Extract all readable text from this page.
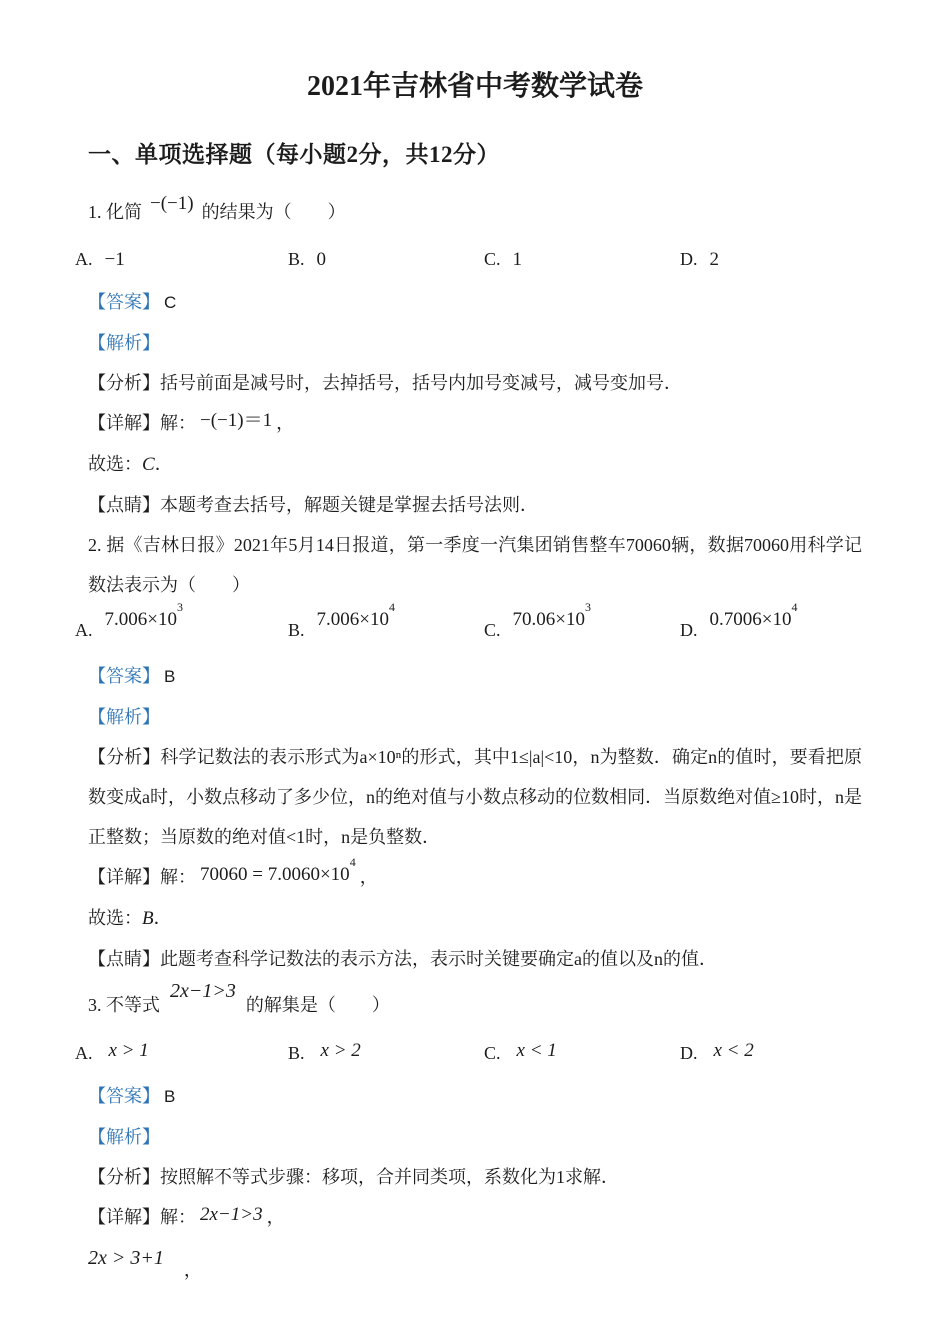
2021年吉林省中考数学试卷
一、单项选择题（每小题2分，共12分）
1. 化简 −(−1) 的结果为（　　）
A. −1	B. 0	C. 1	D. 2
【答案】 C
【解析】
【分析】括号前面是减号时，去掉括号，括号内加号变减号，减号变加号．
【详解】解： −(−1)＝1 ，
故选：C．
【点睛】本题考查去括号，解题关键是掌握去括号法则．
2. 据《吉林日报》2021年5月14日报道，第一季度一汽集团销售整车70060辆，数据70060用科学记数法表示为（　　）
A. $7.006\times 10^3$
B. $7.006\times 10^4$
C. $70.06\times 10^3$
D. $0.7006\times 10^4$
【答案】 B
【解析】
【分析】科学记数法的表示形式为a×10ⁿ的形式，其中1≤|a|<10，n为整数．确定n的值时，要看把原数变成a时，小数点移动了多少位，n的绝对值与小数点移动的位数相同．当原数绝对值≥10时，n是正整数；当原数的绝对值<1时，n是负整数．
【详解】解： $70060 = 7.0060\times 10^4$，
故选：B．
【点睛】此题考查科学记数法的表示方法，表示时关键要确定a的值以及n的值．
3. 不等式2x−1>3的解集是（　　）
A. x > 1	B. x > 2	C. x < 1	D. x < 2
【答案】 B
【解析】
【分析】按照解不等式步骤：移项，合并同类项，系数化为1求解．
【详解】解： 2x−1>3 ，
2x > 3+1，
